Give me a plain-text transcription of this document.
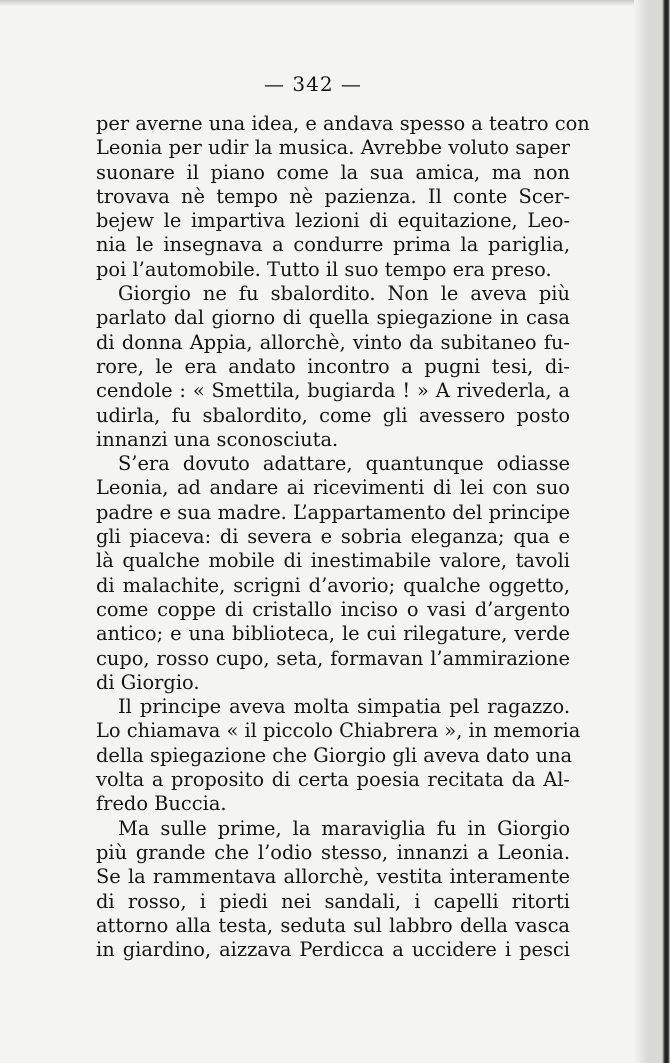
— 342 —
per averne una idea, e andava spesso a teatro con
Leonia per udir la musica. Avrebbe voluto saper
suonare il piano come la sua amica, ma non
trovava nè tempo nè pazienza. Il conte Scer-
bejew le impartiva lezioni di equitazione, Leo-
nia le insegnava a condurre prima la pariglia,
poi l’automobile. Tutto il suo tempo era preso.
Giorgio ne fu sbalordito. Non le aveva più
parlato dal giorno di quella spiegazione in casa
di donna Appia, allorchè, vinto da subitaneo fu-
rore, le era andato incontro a pugni tesi, di-
cendole : « Smettila, bugiarda ! » A rivederla, a
udirla, fu sbalordito, come gli avessero posto
innanzi una sconosciuta.
S’era dovuto adattare, quantunque odiasse
Leonia, ad andare ai ricevimenti di lei con suo
padre e sua madre. L’appartamento del principe
gli piaceva: di severa e sobria eleganza; qua e
là qualche mobile di inestimabile valore, tavoli
di malachite, scrigni d’avorio; qualche oggetto,
come coppe di cristallo inciso o vasi d’argento
antico; e una biblioteca, le cui rilegature, verde
cupo, rosso cupo, seta, formavan l’ammirazione
di Giorgio.
Il principe aveva molta simpatia pel ragazzo.
Lo chiamava « il piccolo Chiabrera », in memoria
della spiegazione che Giorgio gli aveva dato una
volta a proposito di certa poesia recitata da Al-
fredo Buccia.
Ma sulle prime, la maraviglia fu in Giorgio
più grande che l’odio stesso, innanzi a Leonia.
Se la rammentava allorchè, vestita interamente
di rosso, i piedi nei sandali, i capelli ritorti
attorno alla testa, seduta sul labbro della vasca
in giardino, aizzava Perdicca a uccidere i pesci
